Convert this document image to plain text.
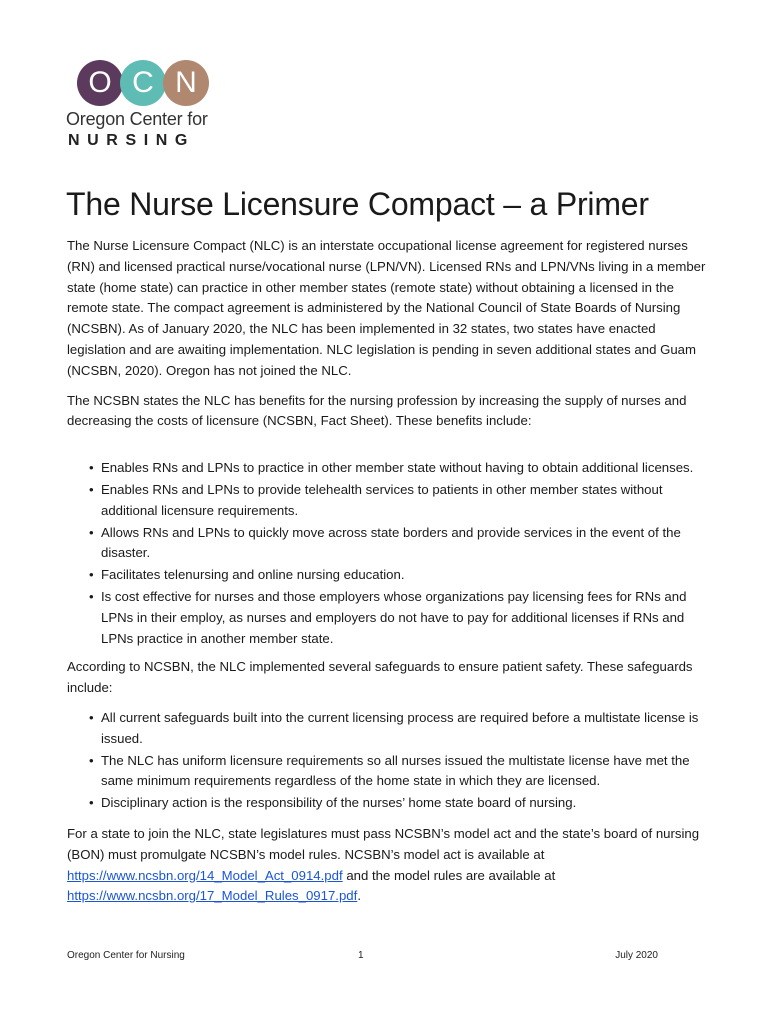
O C N
Oregon Center for
NURSING
The Nurse Licensure Compact – a Primer

The Nurse Licensure Compact (NLC) is an interstate occupational license agreement for registered nurses (RN) and licensed practical nurse/vocational nurse (LPN/VN). Licensed RNs and LPN/VNs living in a member state (home state) can practice in other member states (remote state) without obtaining a licensed in the remote state. The compact agreement is administered by the National Council of State Boards of Nursing (NCSBN). As of January 2020, the NLC has been implemented in 32 states, two states have enacted legislation and are awaiting implementation. NLC legislation is pending in seven additional states and Guam (NCSBN, 2020). Oregon has not joined the NLC.

The NCSBN states the NLC has benefits for the nursing profession by increasing the supply of nurses and decreasing the costs of licensure (NCSBN, Fact Sheet). These benefits include:

• Enables RNs and LPNs to practice in other member state without having to obtain additional licenses.
• Enables RNs and LPNs to provide telehealth services to patients in other member states without additional licensure requirements.
• Allows RNs and LPNs to quickly move across state borders and provide services in the event of the disaster.
• Facilitates telenursing and online nursing education.
• Is cost effective for nurses and those employers whose organizations pay licensing fees for RNs and LPNs in their employ, as nurses and employers do not have to pay for additional licenses if RNs and LPNs practice in another member state.

According to NCSBN, the NLC implemented several safeguards to ensure patient safety. These safeguards include:

• All current safeguards built into the current licensing process are required before a multistate license is issued.
• The NLC has uniform licensure requirements so all nurses issued the multistate license have met the same minimum requirements regardless of the home state in which they are licensed.
• Disciplinary action is the responsibility of the nurses’ home state board of nursing.

For a state to join the NLC, state legislatures must pass NCSBN’s model act and the state’s board of nursing (BON) must promulgate NCSBN’s model rules. NCSBN’s model act is available at https://www.ncsbn.org/14_Model_Act_0914.pdf and the model rules are available at https://www.ncsbn.org/17_Model_Rules_0917.pdf.

Oregon Center for Nursing	1	July 2020
